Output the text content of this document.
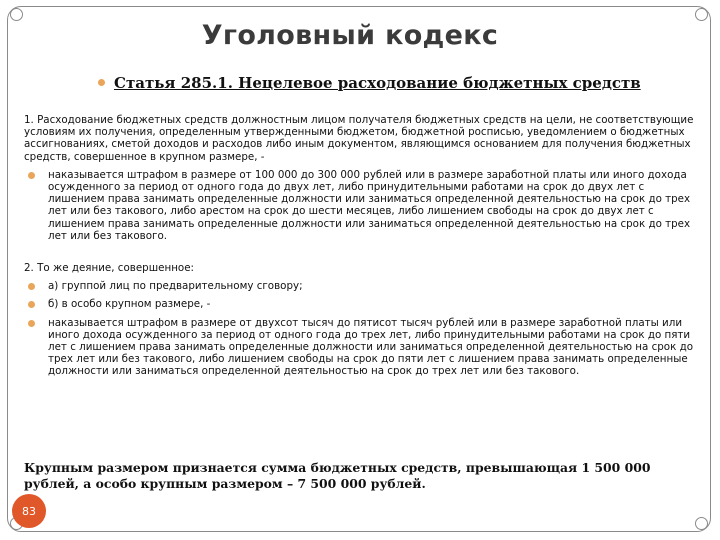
Уголовный кодекс
Статья 285.1. Нецелевое расходование бюджетных средств

1. Расходование бюджетных средств должностным лицом получателя бюджетных средств на цели, не соответствующие условиям их получения, определенным утвержденными бюджетом, бюджетной росписью, уведомлением о бюджетных ассигнованиях, сметой доходов и расходов либо иным документом, являющимся основанием для получения бюджетных средств, совершенное в крупном размере, -

наказывается штрафом в размере от 100 000 до 300 000 рублей или в размере заработной платы или иного дохода осужденного за период от одного года до двух лет, либо принудительными работами на срок до двух лет с лишением права занимать определенные должности или заниматься определенной деятельностью на срок до трех лет или без такового, либо арестом на срок до шести месяцев, либо лишением свободы на срок до двух лет с лишением права занимать определенные должности или заниматься определенной деятельностью на срок до трех лет или без такового.

2. То же деяние, совершенное:

а) группой лиц по предварительному сговору;

б) в особо крупном размере, -

наказывается штрафом в размере от двухсот тысяч до пятисот тысяч рублей или в размере заработной платы или иного дохода осужденного за период от одного года до трех лет, либо принудительными работами на срок до пяти лет с лишением права занимать определенные должности или заниматься определенной деятельностью на срок до трех лет или без такового, либо лишением свободы на срок до пяти лет с лишением права занимать определенные должности или заниматься определенной деятельностью на срок до трех лет или без такового.

Крупным размером признается сумма бюджетных средств, превышающая 1 500 000 рублей, а особо крупным размером – 7 500 000 рублей.
83
